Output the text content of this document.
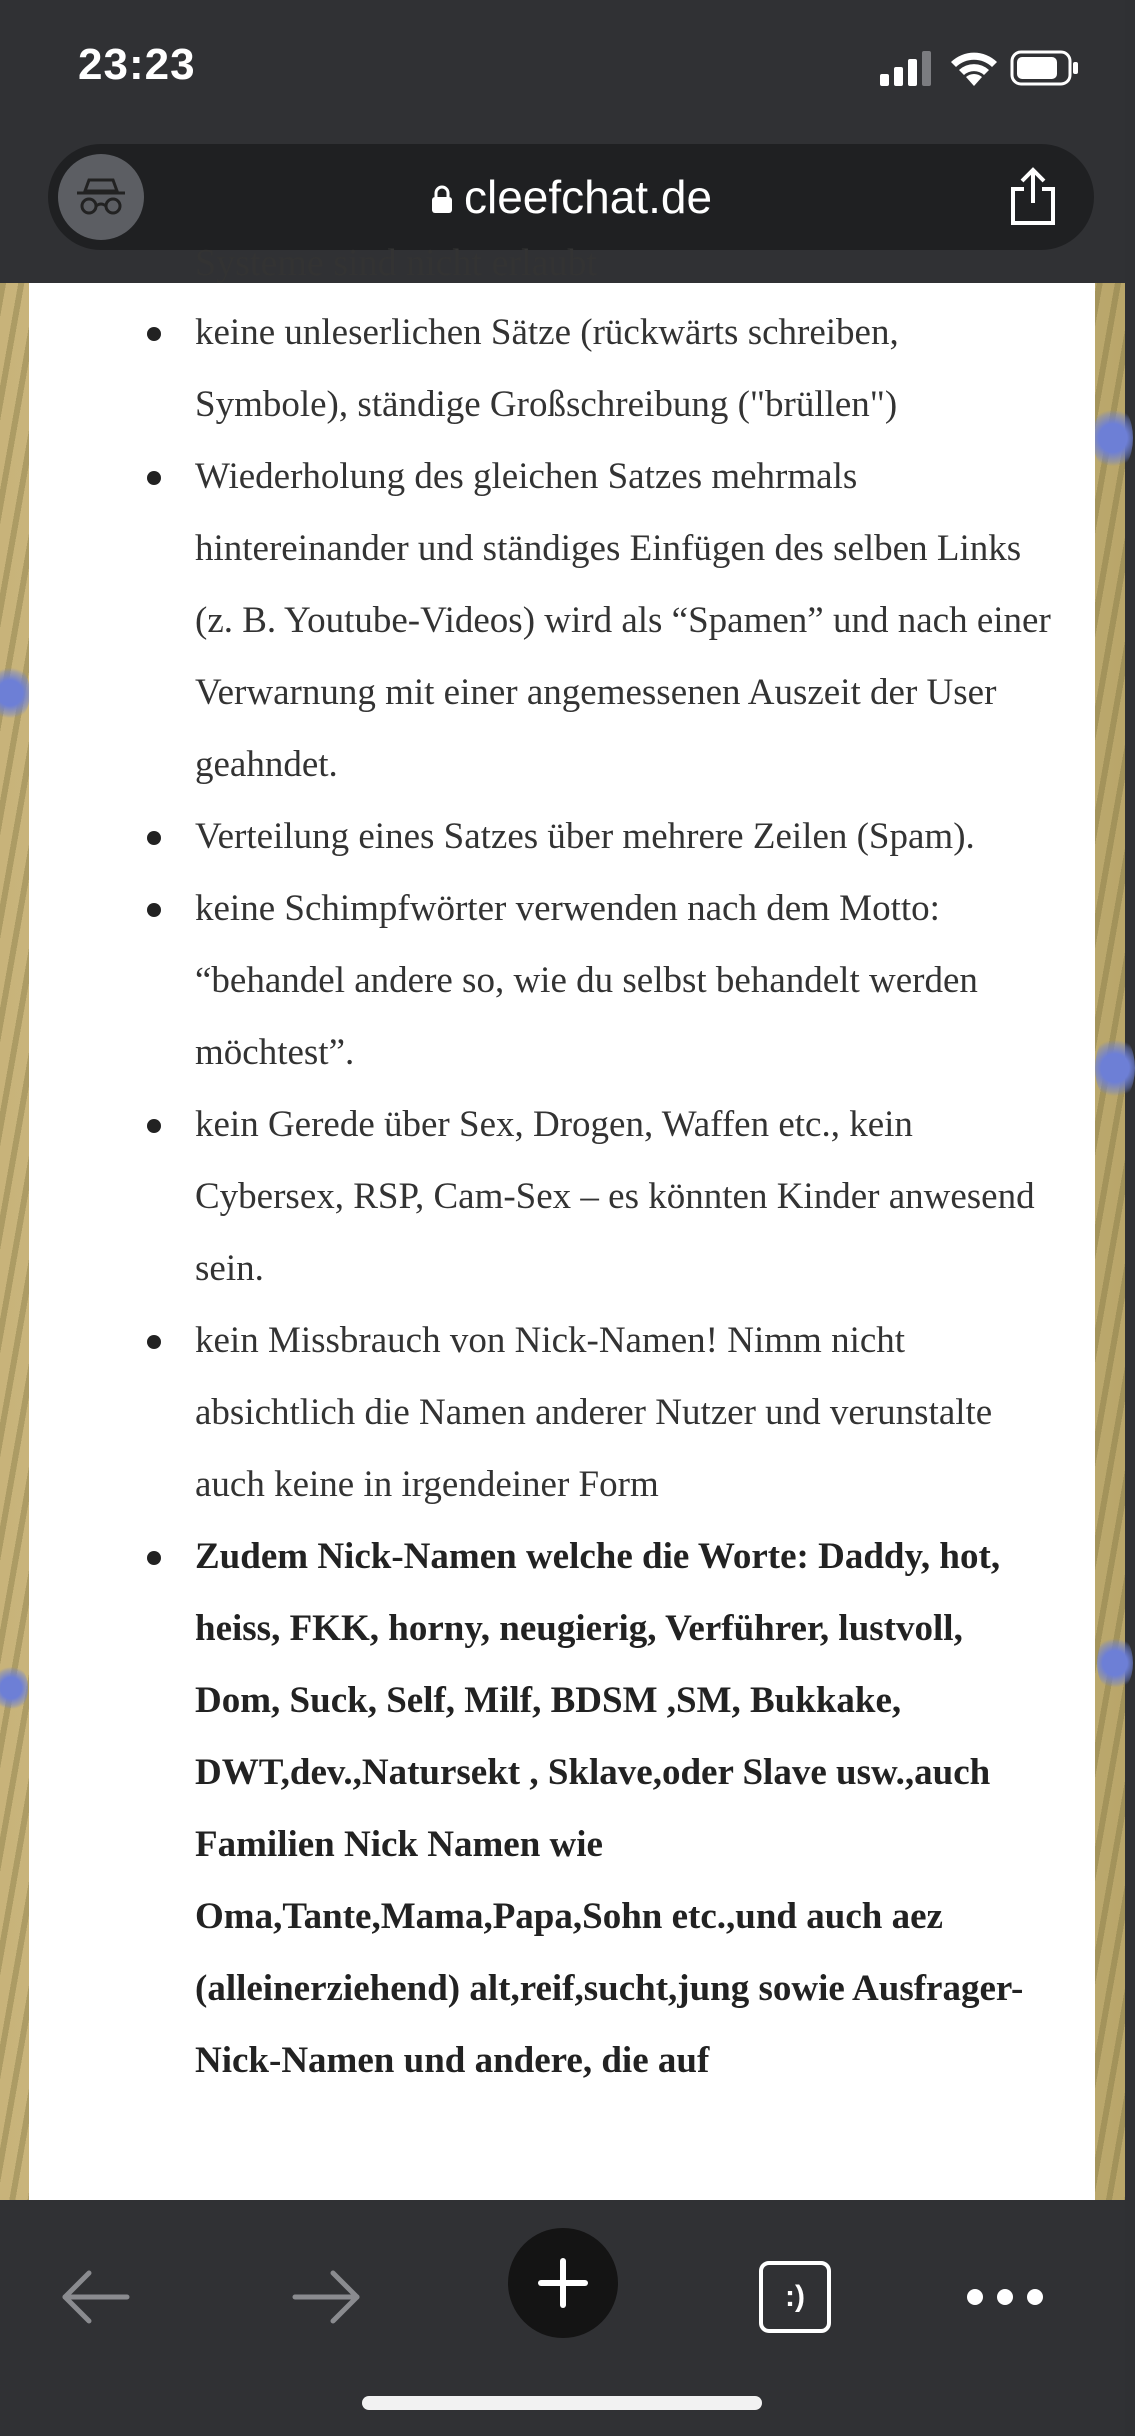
23:23
cleefchat.de
Systeme sind nicht erlaubt
keine unleserlichen Sätze (rückwärts schreiben, Symbole), ständige Großschreibung ("brüllen")
Wiederholung des gleichen Satzes mehrmals hintereinander und ständiges Einfügen des selben Links (z. B. Youtube-Videos) wird als “Spamen” und nach einer Verwarnung mit einer angemessenen Auszeit der User geahndet.
Verteilung eines Satzes über mehrere Zeilen (Spam).
keine Schimpfwörter verwenden nach dem Motto: “behandel andere so, wie du selbst behandelt werden möchtest”.
kein Gerede über Sex, Drogen, Waffen etc., kein Cybersex, RSP, Cam-Sex – es könnten Kinder anwesend sein.
kein Missbrauch von Nick-Namen! Nimm nicht absichtlich die Namen anderer Nutzer und verunstalte auch keine in irgendeiner Form
Zudem Nick-Namen welche die Worte: Daddy, hot, heiss, FKK, horny, neugierig, Verführer, lustvoll, Dom, Suck, Self, Milf, BDSM ,SM, Bukkake, DWT,dev.,Natursekt , Sklave,oder Slave usw.,auch Familien Nick Namen wie Oma,Tante,Mama,Papa,Sohn etc.,und auch aez (alleinerziehend) alt,reif,sucht,jung sowie Ausfrager-Nick-Namen und andere, die auf
:)
